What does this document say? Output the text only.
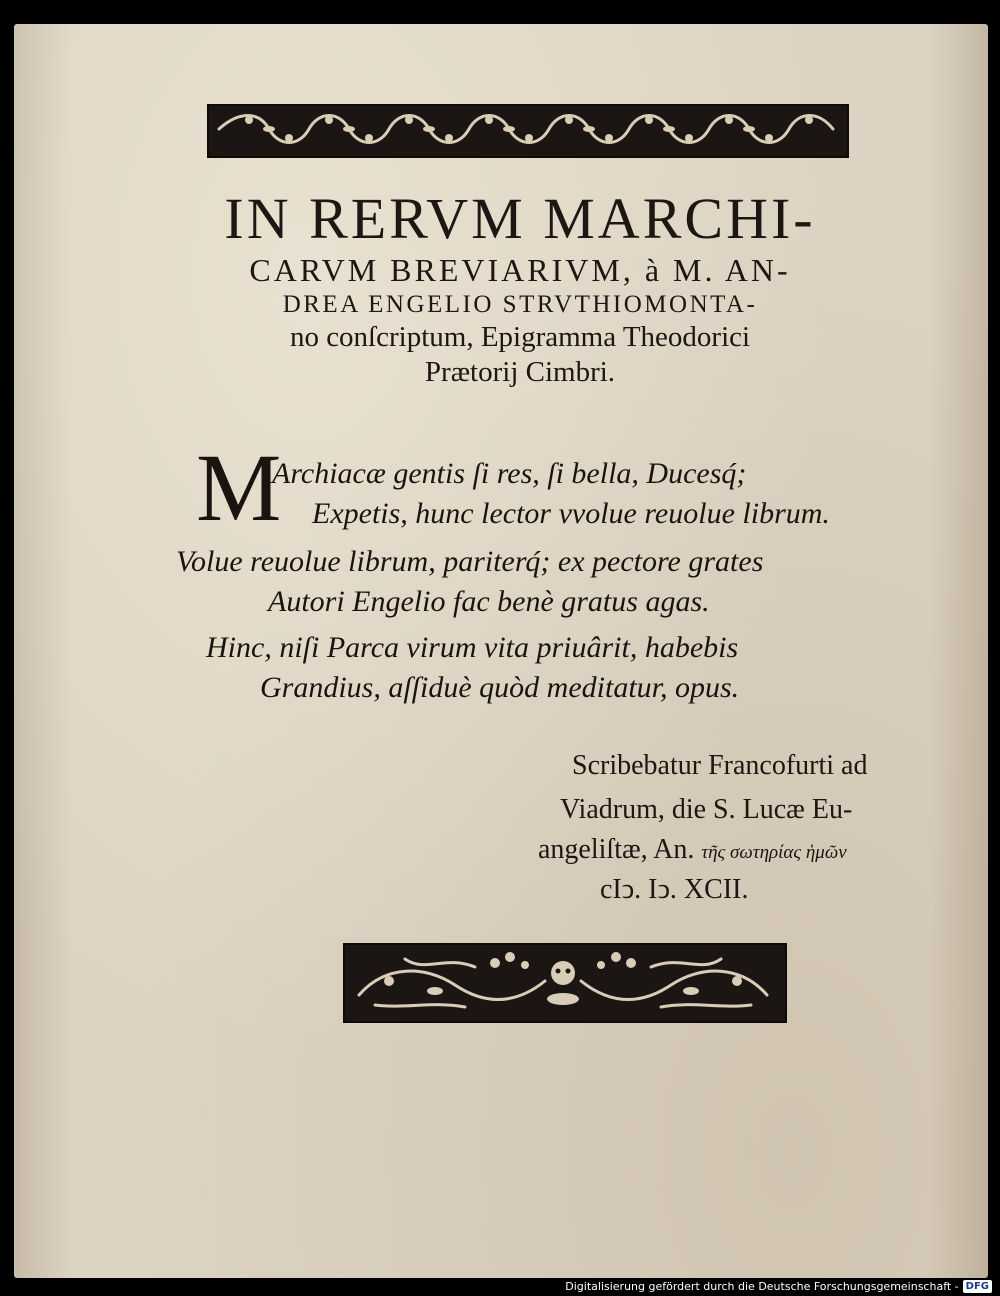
IN RERVM MARCHI-
CARVM BREVIARIVM, à M. AN-
DREA ENGELIO STRVTHIOMONTA-
no conſcriptum, Epigramma Theodorici
Prætorij Cimbri.
M
Archiacæ gentis ſi res, ſi bella, Ducesq́;
Expetis, hunc lector vvolue reuolue librum.
Volue reuolue librum, pariterq́; ex pectore grates
Autori Engelio fac benè gratus agas.
Hinc, niſi Parca virum vita priuârit, habebis
Grandius, aſſiduè quòd meditatur, opus.
Scribebatur Francofurti ad
Viadrum, die S. Lucæ Eu-
angeliſtæ, An. τῆς σωτηρίας ἡμῶν
cIↄ. Iↄ. XCII.
Digitalisierung gefördert durch die Deutsche Forschungsgemeinschaft - DFG
